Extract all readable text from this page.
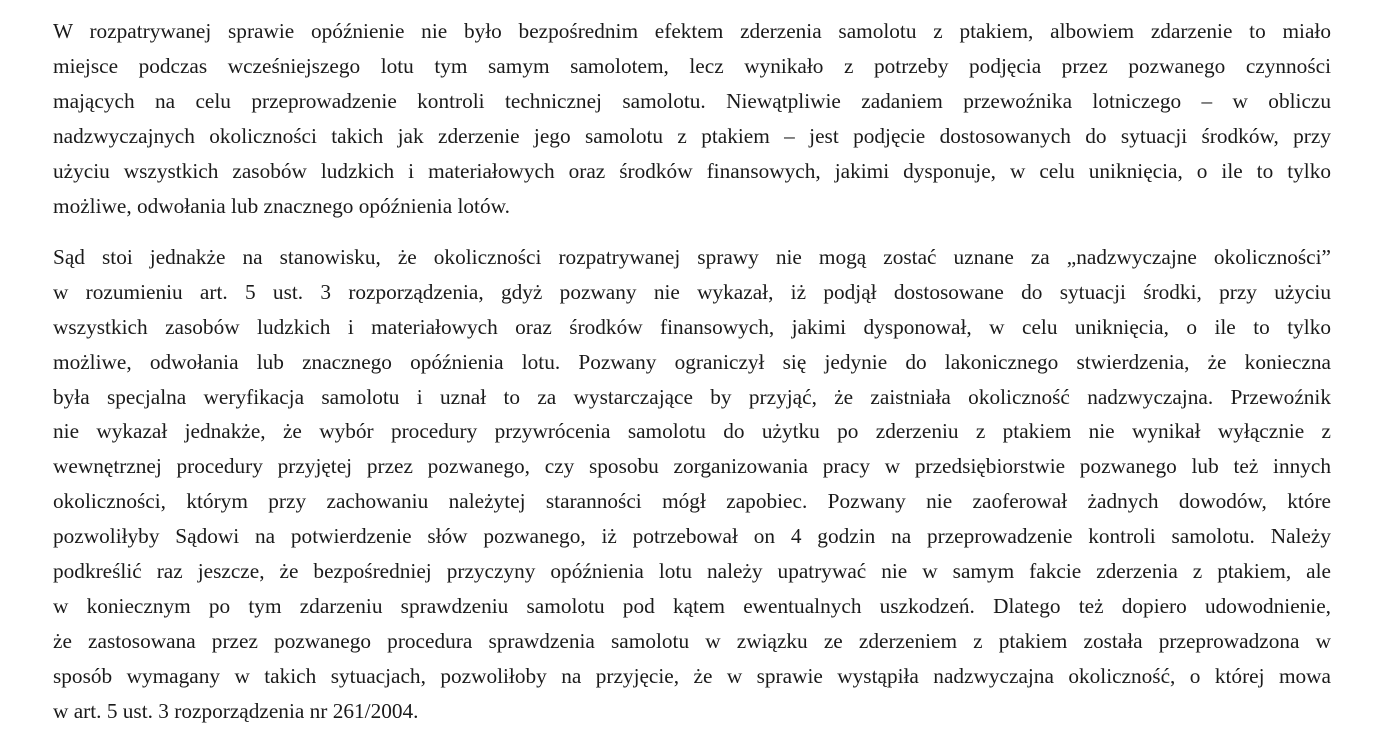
W rozpatrywanej sprawie opóźnienie nie było bezpośrednim efektem zderzenia samolotu z ptakiem, albowiem zdarzenie to miało
miejsce podczas wcześniejszego lotu tym samym samolotem, lecz wynikało z potrzeby podjęcia przez pozwanego czynności
mających na celu przeprowadzenie kontroli technicznej samolotu. Niewątpliwie zadaniem przewoźnika lotniczego – w obliczu
nadzwyczajnych okoliczności takich jak zderzenie jego samolotu z ptakiem – jest podjęcie dostosowanych do sytuacji środków, przy
użyciu wszystkich zasobów ludzkich i materiałowych oraz środków finansowych, jakimi dysponuje, w celu uniknięcia, o ile to tylko
możliwe, odwołania lub znacznego opóźnienia lotów.

Sąd stoi jednakże na stanowisku, że okoliczności rozpatrywanej sprawy nie mogą zostać uznane za „nadzwyczajne okoliczności”
w rozumieniu art. 5 ust. 3 rozporządzenia, gdyż pozwany nie wykazał, iż podjął dostosowane do sytuacji środki, przy użyciu
wszystkich zasobów ludzkich i materiałowych oraz środków finansowych, jakimi dysponował, w celu uniknięcia, o ile to tylko
możliwe, odwołania lub znacznego opóźnienia lotu. Pozwany ograniczył się jedynie do lakonicznego stwierdzenia, że konieczna
była specjalna weryfikacja samolotu i uznał to za wystarczające by przyjąć, że zaistniała okoliczność nadzwyczajna. Przewoźnik
nie wykazał jednakże, że wybór procedury przywrócenia samolotu do użytku po zderzeniu z ptakiem nie wynikał wyłącznie z
wewnętrznej procedury przyjętej przez pozwanego, czy sposobu zorganizowania pracy w przedsiębiorstwie pozwanego lub też innych
okoliczności, którym przy zachowaniu należytej staranności mógł zapobiec. Pozwany nie zaoferował żadnych dowodów, które
pozwoliłyby Sądowi na potwierdzenie słów pozwanego, iż potrzebował on 4 godzin na przeprowadzenie kontroli samolotu. Należy
podkreślić raz jeszcze, że bezpośredniej przyczyny opóźnienia lotu należy upatrywać nie w samym fakcie zderzenia z ptakiem, ale
w koniecznym po tym zdarzeniu sprawdzeniu samolotu pod kątem ewentualnych uszkodzeń. Dlatego też dopiero udowodnienie,
że zastosowana przez pozwanego procedura sprawdzenia samolotu w związku ze zderzeniem z ptakiem została przeprowadzona w
sposób wymagany w takich sytuacjach, pozwoliłoby na przyjęcie, że w sprawie wystąpiła nadzwyczajna okoliczność, o której mowa
w art. 5 ust. 3 rozporządzenia nr 261/2004.
